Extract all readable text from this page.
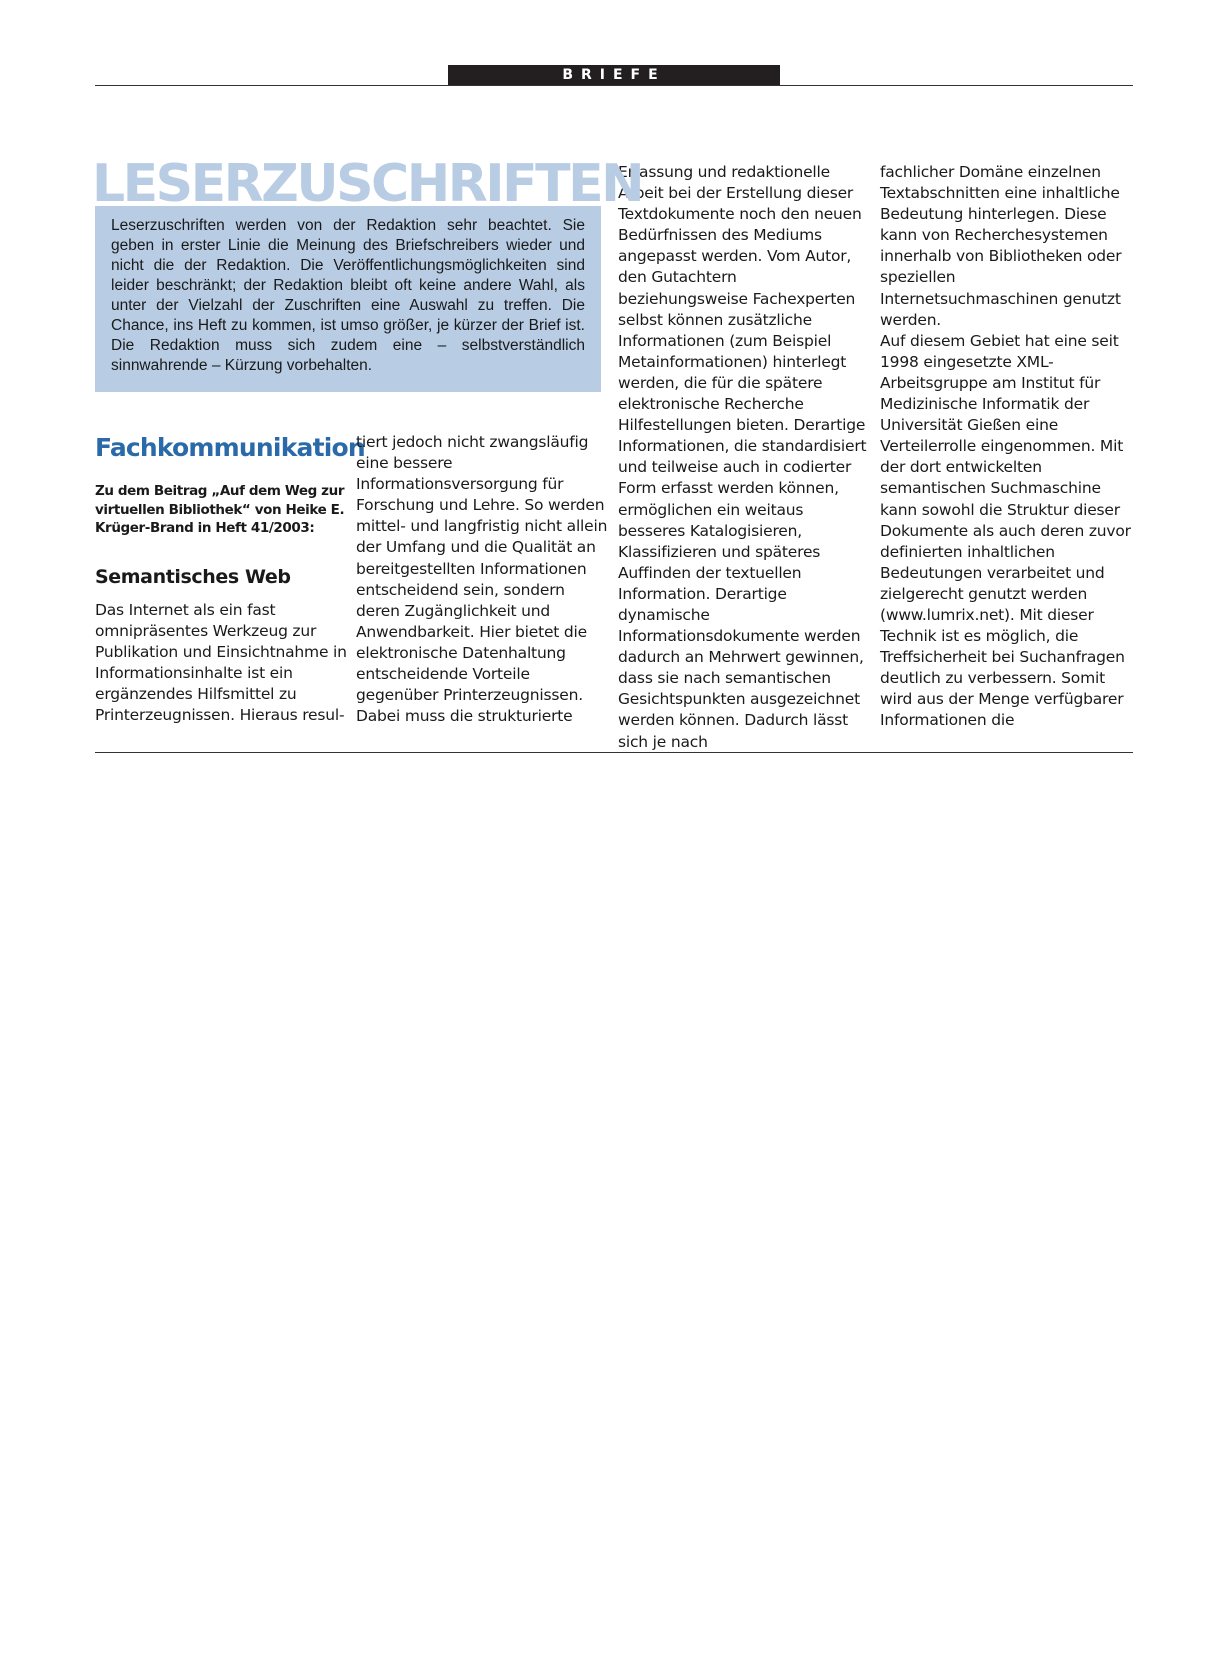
BRIEFE
LESERZUSCHRIFTEN

Leserzuschriften werden von der Redaktion sehr beachtet. Sie geben in erster Linie die Meinung des Briefschreibers wieder und nicht die der Redaktion. Die Veröffentlichungsmöglichkeiten sind leider beschränkt; der Redaktion bleibt oft keine andere Wahl, als unter der Vielzahl der Zuschriften eine Auswahl zu treffen. Die Chance, ins Heft zu kommen, ist umso größer, je kürzer der Brief ist. Die Redaktion muss sich zudem eine – selbstverständlich sinnwahrende – Kürzung vorbehalten.

Fachkommunikation

Zu dem Beitrag „Auf dem Weg zur virtuellen Bibliothek“ von Heike E. Krüger-Brand in Heft 41/2003:

Semantisches Web

Das Internet als ein fast omnipräsentes Werkzeug zur Publikation und Einsichtnahme in Informationsinhalte ist ein ergänzendes Hilfsmittel zu Printerzeugnissen. Hieraus resul-

tiert jedoch nicht zwangsläufig eine bessere Informationsversorgung für Forschung und Lehre. So werden mittel- und langfristig nicht allein der Umfang und die Qualität an bereitgestellten Informationen entscheidend sein, sondern deren Zugänglichkeit und Anwendbarkeit. Hier bietet die elektronische Datenhaltung entscheidende Vorteile gegenüber Printerzeugnissen. Dabei muss die strukturierte

Erfassung und redaktionelle Arbeit bei der Erstellung dieser Textdokumente noch den neuen Bedürfnissen des Mediums angepasst werden. Vom Autor, den Gutachtern beziehungsweise Fachexperten selbst können zusätzliche Informationen (zum Beispiel Metainformationen) hinterlegt werden, die für die spätere elektronische Recherche Hilfestellungen bieten. Derartige Informationen, die standardisiert und teilweise auch in codierter Form erfasst werden können, ermöglichen ein weitaus besseres Katalogisieren, Klassifizieren und späteres Auffinden der textuellen Information. Derartige dynamische Informationsdokumente werden dadurch an Mehrwert gewinnen, dass sie nach semantischen Gesichtspunkten ausgezeichnet werden können. Dadurch lässt sich je nach

fachlicher Domäne einzelnen Textabschnitten eine inhaltliche Bedeutung hinterlegen. Diese kann von Recherchesystemen innerhalb von Bibliotheken oder speziellen Internetsuchmaschinen genutzt werden.

Auf diesem Gebiet hat eine seit 1998 eingesetzte XML-Arbeitsgruppe am Institut für Medizinische Informatik der Universität Gießen eine Verteilerrolle eingenommen. Mit der dort entwickelten semantischen Suchmaschine kann sowohl die Struktur dieser Dokumente als auch deren zuvor definierten inhaltlichen Bedeutungen verarbeitet und zielgerecht genutzt werden (www.lumrix.net). Mit dieser Technik ist es möglich, die Treffsicherheit bei Suchanfragen deutlich zu verbessern. Somit wird aus der Menge verfügbarer Informationen die
